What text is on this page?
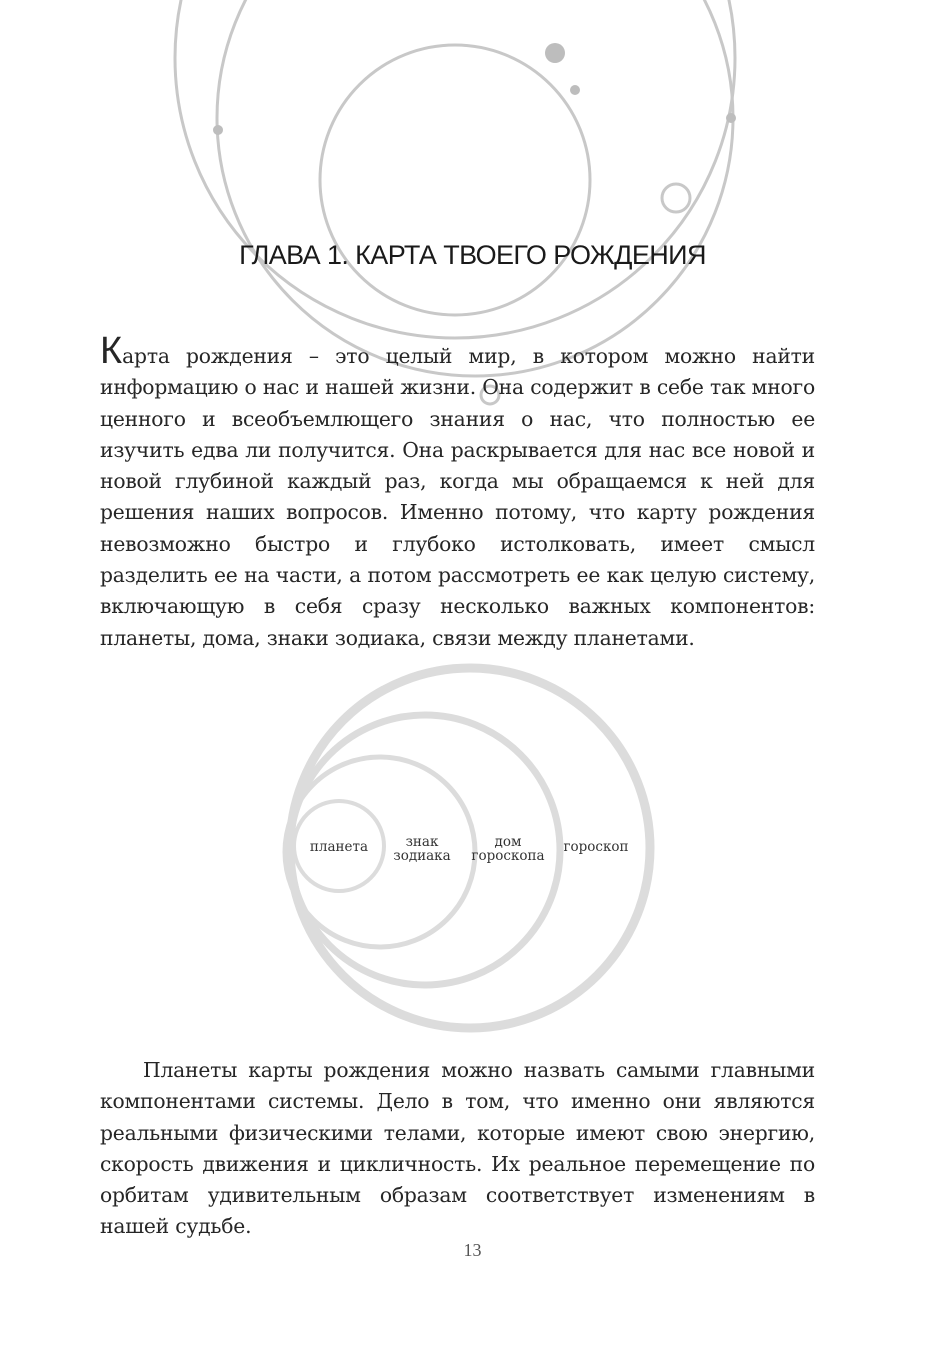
ГЛАВА 1. КАРТА ТВОЕГО РОЖДЕНИЯ

Карта рождения – это целый мир, в котором можно найти информацию о нас и нашей жизни. Она содержит в себе так много ценного и всеобъемлющего знания о нас, что полностью ее изучить едва ли получится. Она раскрывается для нас все новой и новой глубиной каждый раз, когда мы обращаемся к ней для решения наших вопросов. Именно потому, что карту рождения невозможно быстро и глубоко истолковать, имеет смысл разделить ее на части, а потом рассмотреть ее как целую систему, включающую в себя сразу несколько важных компонентов: планеты, дома, знаки зодиака, связи между планетами.

планета	знак
зодиака
дом
гороскопа
гороскоп

Планеты карты рождения можно назвать самыми главными компонентами системы. Дело в том, что именно они являются реальными физическими телами, которые имеют свою энергию, скорость движения и цикличность. Их реальное перемещение по орбитам удивительным образам соответствует изменениям в нашей судьбе.

13
